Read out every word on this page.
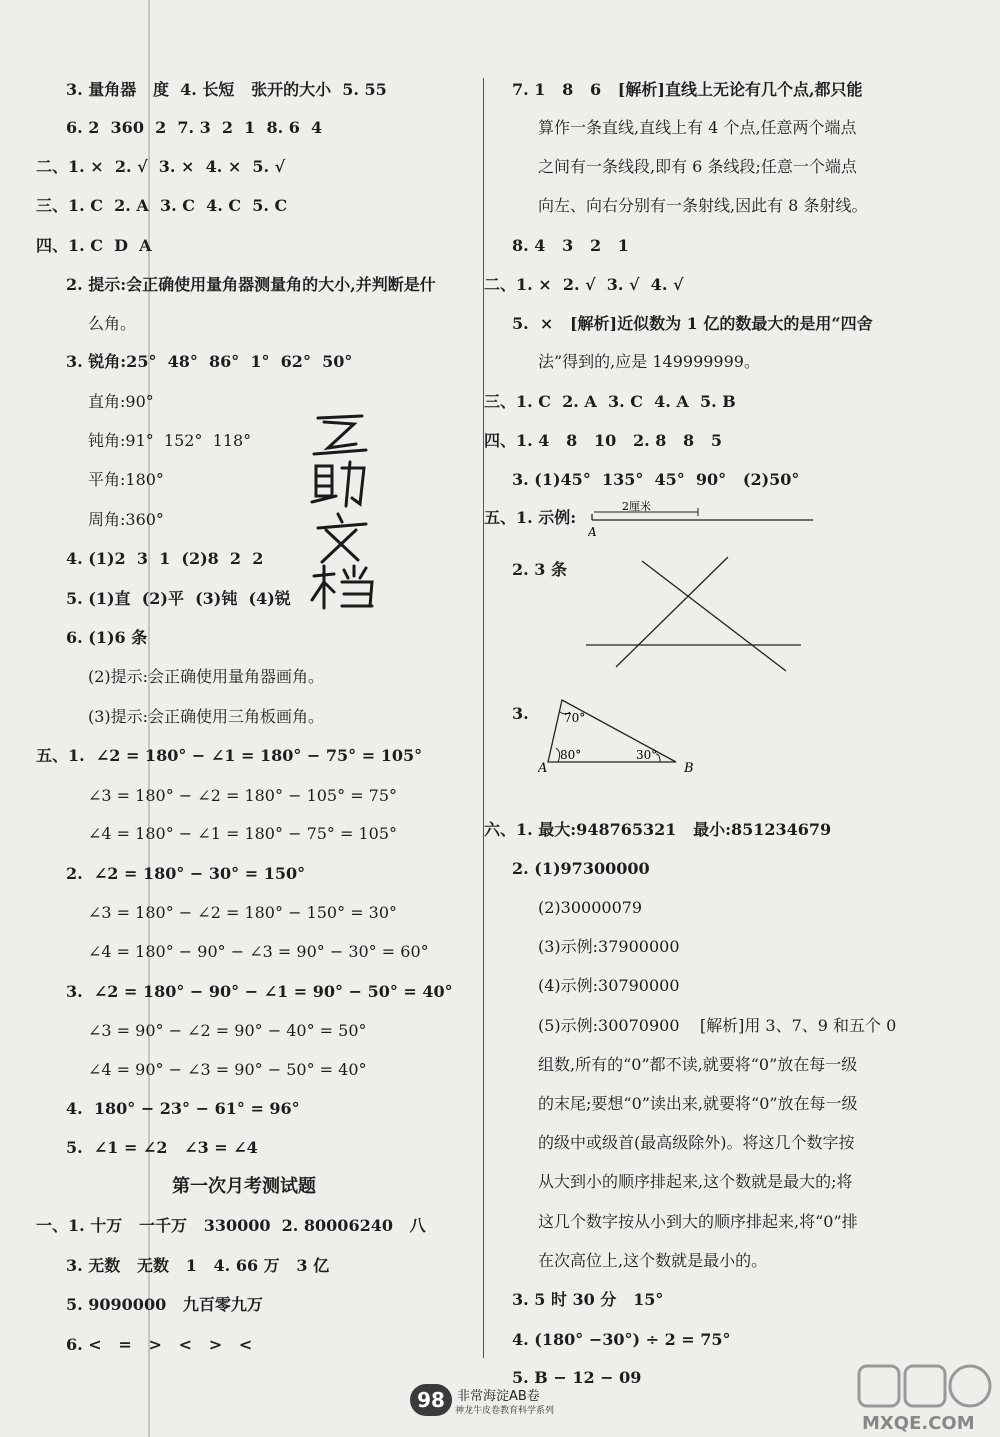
3. 量角器   度  4. 长短   张开的大小  5. 55
6. 2  360  2  7. 3  2  1  8. 6  4
二、1. ×  2. √  3. ×  4. ×  5. √
三、1. C  2. A  3. C  4. C  5. C
四、1. C  D  A
2. 提示:会正确使用量角器测量角的大小,并判断是什
么角。
3. 锐角:25°  48°  86°  1°  62°  50°
直角:90°
钝角:91°  152°  118°
平角:180°
周角:360°
4. (1)2  3  1  (2)8  2  2
5. (1)直  (2)平  (3)钝  (4)锐
6. (1)6 条
(2)提示:会正确使用量角器画角。
(3)提示:会正确使用三角板画角。
五、1.  ∠2 = 180° − ∠1 = 180° − 75° = 105°
∠3 = 180° − ∠2 = 180° − 105° = 75°
∠4 = 180° − ∠1 = 180° − 75° = 105°
2.  ∠2 = 180° − 30° = 150°
∠3 = 180° − ∠2 = 180° − 150° = 30°
∠4 = 180° − 90° − ∠3 = 90° − 30° = 60°
3.  ∠2 = 180° − 90° − ∠1 = 90° − 50° = 40°
∠3 = 90° − ∠2 = 90° − 40° = 50°
∠4 = 90° − ∠3 = 90° − 50° = 40°
4.  180° − 23° − 61° = 96°
5.  ∠1 = ∠2   ∠3 = ∠4
第一次月考测试题
一、1. 十万   一千万   330000  2. 80006240   八
3. 无数   无数   1   4. 66 万   3 亿
5. 9090000   九百零九万
6. <   =   >   <   >   <
7. 1   8   6   [解析]直线上无论有几个点,都只能
算作一条直线,直线上有 4 个点,任意两个端点
之间有一条线段,即有 6 条线段;任意一个端点
向左、向右分别有一条射线,因此有 8 条射线。
8. 4   3   2   1
二、1. ×  2. √  3. √  4. √
5.  ×   [解析]近似数为 1 亿的数最大的是用“四舍
法”得到的,应是 149999999。
三、1. C  2. A  3. C  4. A  5. B
四、1. 4   8   10   2. 8   8   5
3. (1)45°  135°  45°  90°   (2)50°
五、1. 示例:
2. 3 条
3.
六、1. 最大:948765321   最小:851234679
2. (1)97300000
(2)30000079
(3)示例:37900000
(4)示例:30790000
(5)示例:30070900    [解析]用 3、7、9 和五个 0
组数,所有的“0”都不读,就要将“0”放在每一级
的末尾;要想“0”读出来,就要将“0”放在每一级
的级中或级首(最高级除外)。将这几个数字按
从大到小的顺序排起来,这个数就是最大的;将
这几个数字按从小到大的顺序排起来,将“0”排
在次高位上,这个数就是最小的。
3. 5 时 30 分   15°
4. (180° −30°) ÷ 2 = 75°
5. B − 12 − 09
2厘米
A
70°
80°	30°
A	B
98 非常海淀AB卷
神龙牛皮卷教育科学系列
MXQE.COM
